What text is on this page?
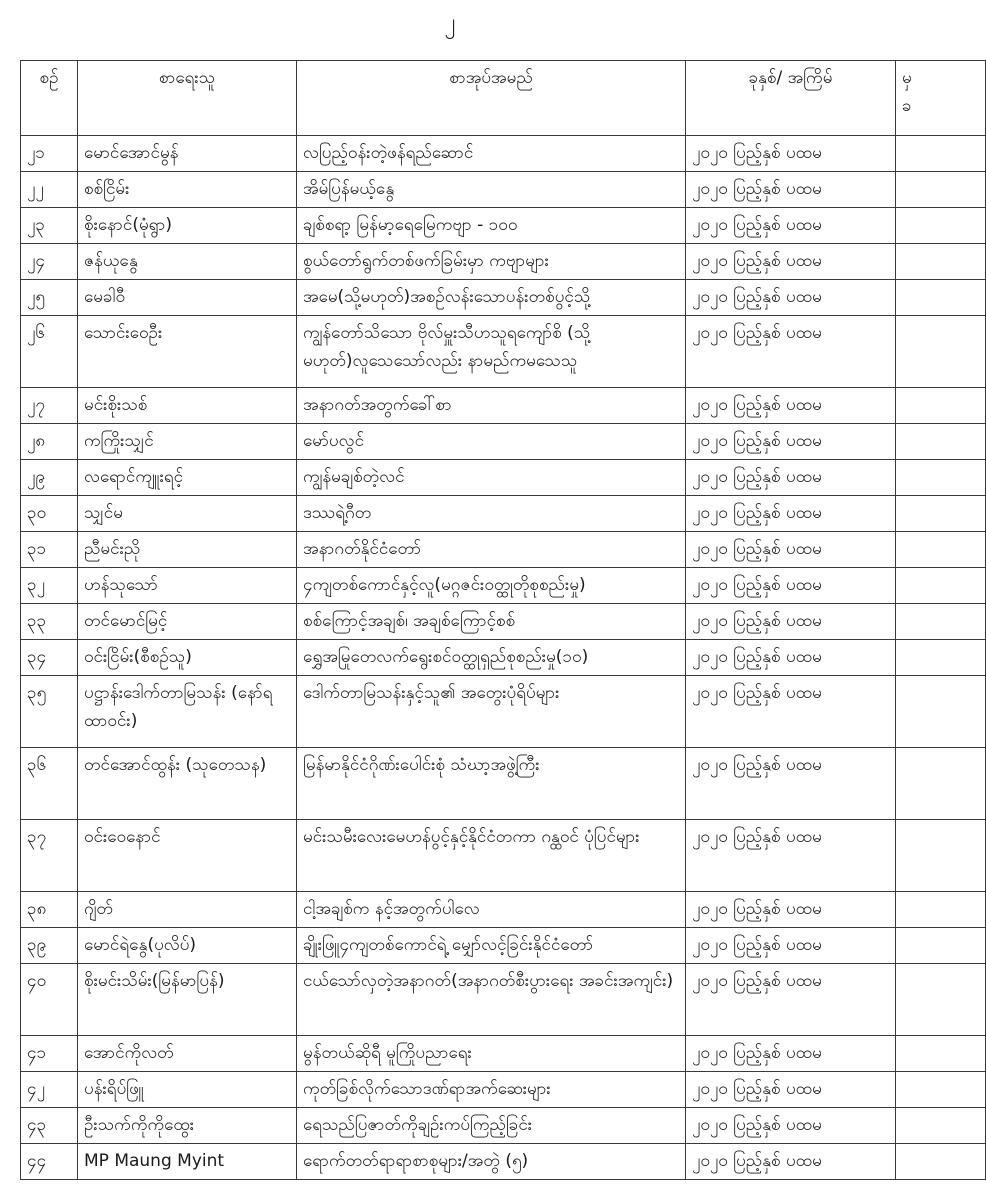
၂
စဉ်	စာရေးသူ	စာအုပ်အမည်	ခုနှစ်/ အကြိမ်	မှ
ခ
၂၁	မောင်အောင်မွန်	လပြည့်ဝန်းတဲ့ဖန်ရည်ဆောင်	၂၀၂၀ ပြည့်နှစ် ပထမ	
၂၂	စစ်ငြိမ်း	အိမ်ပြန်မယ့်နွေ	၂၀၂၀ ပြည့်နှစ် ပထမ	
၂၃	စိုးနောင်(မုံရွာ)	ချစ်စရာ့ မြန်မာ့ရေမြေကဗျာ - ၁၀၀	၂၀၂၀ ပြည့်နှစ် ပထမ	
၂၄	ဇန်ယုနွေ	စွယ်တော်ရွက်တစ်ဖက်ခြမ်းမှာ ကဗျာများ	၂၀၂၀ ပြည့်နှစ် ပထမ	
၂၅	မေခါဝီ	အမေ(သို့မဟုတ်)အစဉ်လန်းသောပန်းတစ်ပွင့်သို့	၂၀၂၀ ပြည့်နှစ် ပထမ	
၂၆	သောင်းဝေဦး	ကျွန်တော်သိသော ဗိုလ်မှူးသီဟသူရကျော်စိ (သို့ မဟုတ်)လူသေသော်လည်း နာမည်ကမသေသူ	၂၀၂၀ ပြည့်နှစ် ပထမ	
၂၇	မင်းစိုးသစ်	အနာဂတ်အတွက်ခေါ်စာ	၂၀၂၀ ပြည့်နှစ် ပထမ	
၂၈	ကကြိုးသျှင်	မော်ပလွင်	၂၀၂၀ ပြည့်နှစ် ပထမ	
၂၉	လရောင်ကျူးရင့်	ကျွန်မချစ်တဲ့လင်	၂၀၂၀ ပြည့်နှစ် ပထမ	
၃၀	သျှင်မ	ဒဿရဲ့ဂီတ	၂၀၂၀ ပြည့်နှစ် ပထမ	
၃၁	ညီမင်းညို	အနာဂတ်နိုင်ငံတော်	၂၀၂၀ ပြည့်နှစ် ပထမ	
၃၂	ဟန်သုသော်	၄ကျတစ်ကောင်နှင့်လူ(မဂ္ဂဇင်းဝတ္ထုတိုစုစည်းမှု)	၂၀၂၀ ပြည့်နှစ် ပထမ	
၃၃	တင်မောင်မြင့်	စစ်ကြောင့်အချစ်၊ အချစ်ကြောင့်စစ်	၂၀၂၀ ပြည့်နှစ် ပထမ	
၃၄	ဝင်းငြိမ်း(စီစဉ်သူ)	ရွှေအမြုတေလက်ရွေးစင်ဝတ္ထုရှည်စုစည်းမှု(၁၀)	၂၀၂၀ ပြည့်နှစ် ပထမ	
၃၅	ပဋ္ဌာန်းဒေါက်တာမြသန်း (နော်ရထာဝင်း)	ဒေါက်တာမြသန်းနှင့်သူ၏ အတွေးပုံရိပ်များ	၂၀၂၀ ပြည့်နှစ် ပထမ	
၃၆	တင်အောင်ထွန်း (သုတေသန)	မြန်မာနိုင်ငံဂိုဏ်းပေါင်းစုံ သံဃာ့အဖွဲ့ကြီး	၂၀၂၀ ပြည့်နှစ် ပထမ	
၃၇	ဝင်းဝေနောင်	မင်းသမီးလေးမေဟန်ပွင့်နှင့်နိုင်ငံတကာ ဂန္ထဝင် ပုံပြင်များ	၂၀၂၀ ပြည့်နှစ် ပထမ	
၃၈	ဂျိတ်	ငါ့အချစ်က နင့်အတွက်ပါလေ	၂၀၂၀ ပြည့်နှစ် ပထမ	
၃၉	မောင်ရဲနွေ(ပုလိပ်)	ချိုးဖြူ၄ကျတစ်ကောင်ရဲ့ မျှော်လင့်ခြင်းနိုင်ငံတော်	၂၀၂၀ ပြည့်နှစ် ပထမ	
၄၀	စိုးမင်းသိမ်း(မြန်မာပြန်)	ငယ်သော်လှတဲ့အနာဂတ်(အနာဂတ်စီးပွားရေး အခင်းအကျင်း)	၂၀၂၀ ပြည့်နှစ် ပထမ	
၄၁	အောင်ကိုလတ်	မွန်တယ်ဆိုရီ မူကြိုပညာရေး	၂၀၂၀ ပြည့်နှစ် ပထမ	
၄၂	ပန်းရိပ်ဖြူ	ကုတ်ခြစ်လိုက်သောဒဏ်ရာအက်ဆေးများ	၂၀၂၀ ပြည့်နှစ် ပထမ	
၄၃	ဦးသက်ကိုကိုထွေး	ရေသည်ပြဇာတ်ကိုချဉ်းကပ်ကြည့်ခြင်း	၂၀၂၀ ပြည့်နှစ် ပထမ	
၄၄	MP Maung Myint	ရောက်တတ်ရာရာစာစုများ/အတွဲ (၅)	၂၀၂၀ ပြည့်နှစ် ပထမ	
